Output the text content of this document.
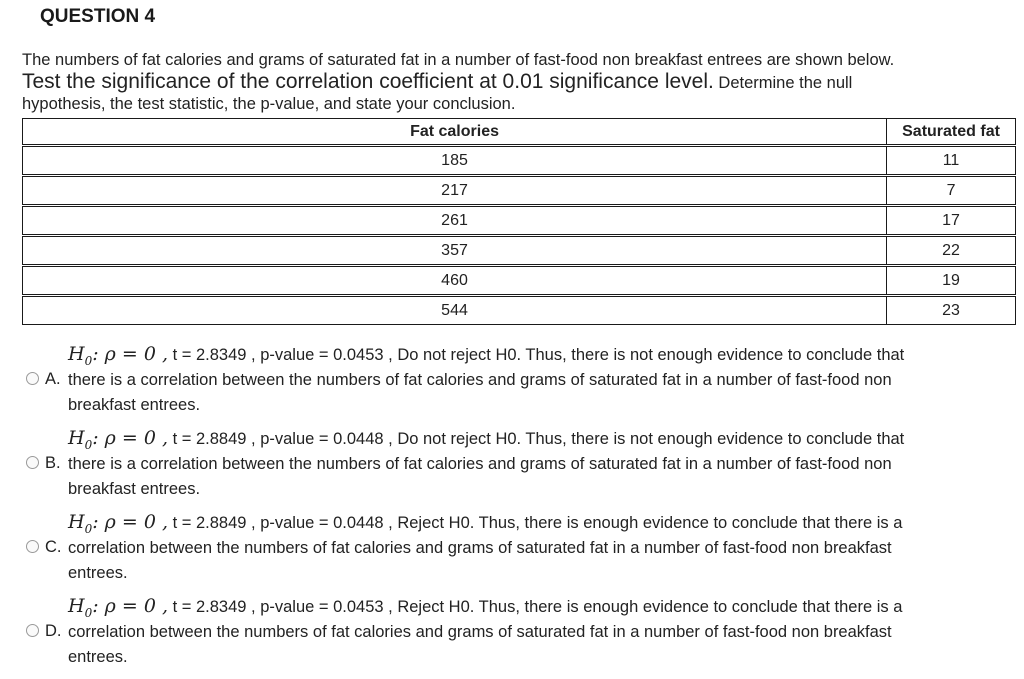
QUESTION 4
The numbers of fat calories and grams of saturated fat in a number of fast-food non breakfast entrees are shown below.
Test the significance of the correlation coefficient at 0.01 significance level. Determine the null
hypothesis, the test statistic, the p-value, and state your conclusion.
Fat calories	Saturated fat
185	11
217	7
261	17
357	22
460	19
544	23
A.
$H_0$: ρ = 0 , t = 2.8349 , p-value = 0.0453 , Do not reject H0. Thus, there is not enough evidence to conclude that
there is a correlation between the numbers of fat calories and grams of saturated fat in a number of fast-food non
breakfast entrees.
B.
$H_0$: ρ = 0 , t = 2.8849 , p-value = 0.0448 , Do not reject H0. Thus, there is not enough evidence to conclude that
there is a correlation between the numbers of fat calories and grams of saturated fat in a number of fast-food non
breakfast entrees.
C.
$H_0$: ρ = 0 , t = 2.8849 , p-value = 0.0448 , Reject H0. Thus, there is enough evidence to conclude that there is a
correlation between the numbers of fat calories and grams of saturated fat in a number of fast-food non breakfast
entrees.
D.
$H_0$: ρ = 0 , t = 2.8349 , p-value = 0.0453 , Reject H0. Thus, there is enough evidence to conclude that there is a
correlation between the numbers of fat calories and grams of saturated fat in a number of fast-food non breakfast
entrees.
